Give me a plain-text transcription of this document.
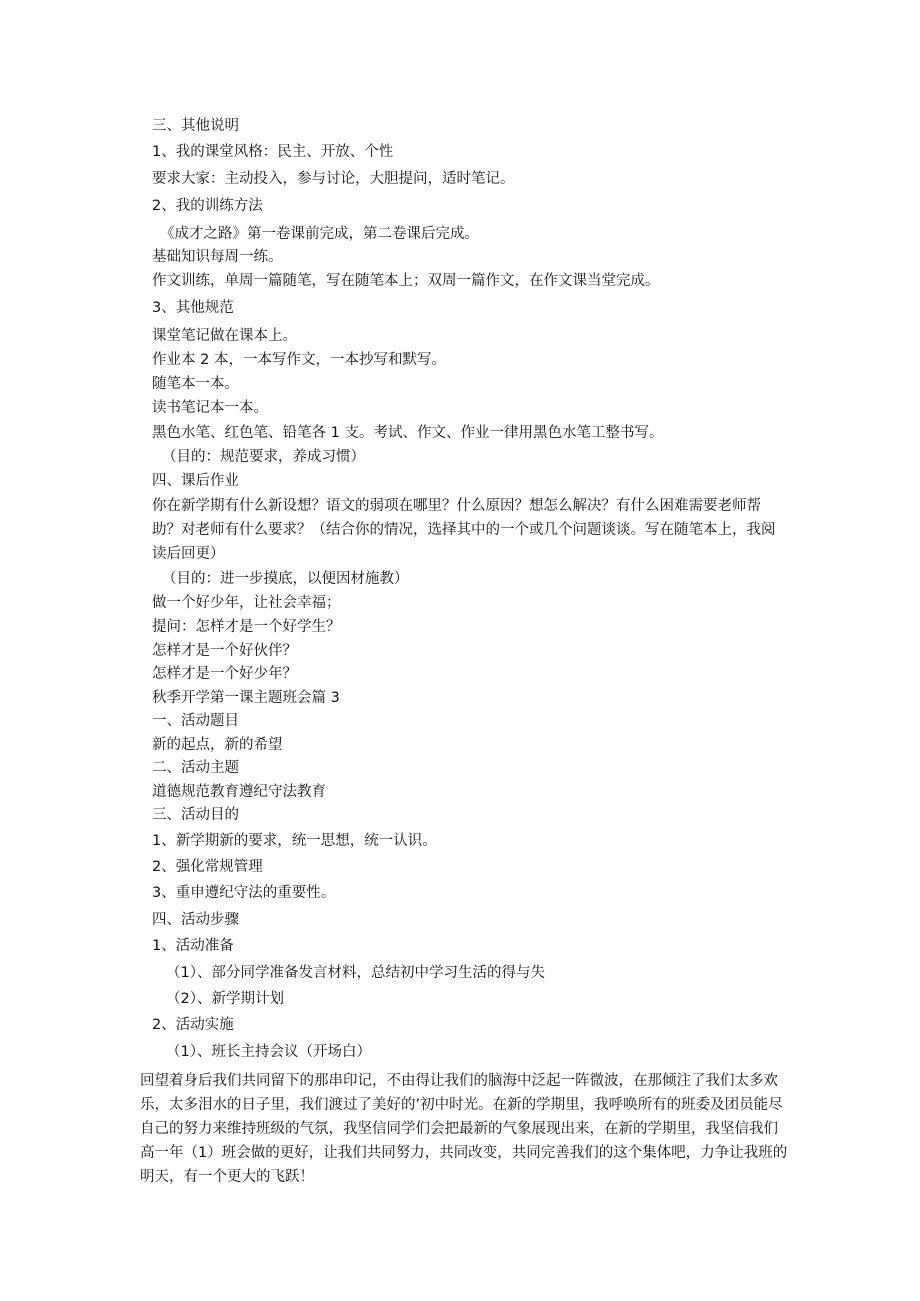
三、其他说明
1、我的课堂风格：民主、开放、个性
要求大家：主动投入，参与讨论，大胆提问，适时笔记。
2、我的训练方法
《成才之路》第一卷课前完成，第二卷课后完成。
基础知识每周一练。
作文训练，单周一篇随笔，写在随笔本上；双周一篇作文，在作文课当堂完成。
3、其他规范
课堂笔记做在课本上。
作业本 2 本，一本写作文，一本抄写和默写。
随笔本一本。
读书笔记本一本。
黑色水笔、红色笔、铅笔各 1 支。考试、作文、作业一律用黑色水笔工整书写。
（目的：规范要求，养成习惯）
四、课后作业
你在新学期有什么新设想？语文的弱项在哪里？什么原因？想怎么解决？有什么困难需要老师帮助？对老师有什么要求？（结合你的情况，选择其中的一个或几个问题谈谈。写在随笔本上，我阅读后回更）
（目的：进一步摸底，以便因材施教）
做一个好少年，让社会幸福；
提问：怎样才是一个好学生？
怎样才是一个好伙伴？
怎样才是一个好少年？
秋季开学第一课主题班会篇 3
一、活动题目
新的起点，新的希望
二、活动主题
道德规范教育遵纪守法教育
三、活动目的
1、新学期新的要求，统一思想，统一认识。
2、强化常规管理
3、重申遵纪守法的重要性。
四、活动步骤
1、活动准备
（1）、部分同学准备发言材料，总结初中学习生活的得与失
（2）、新学期计划
2、活动实施
（1）、班长主持会议（开场白）
回望着身后我们共同留下的那串印记，不由得让我们的脑海中泛起一阵微波，在那倾注了我们太多欢乐，太多泪水的日子里，我们渡过了美好的’初中时光。在新的学期里，我呼唤所有的班委及团员能尽自己的努力来维持班级的气氛，我坚信同学们会把最新的气象展现出来，在新的学期里，我坚信我们高一年（1）班会做的更好，让我们共同努力，共同改变，共同完善我们的这个集体吧，力争让我班的明天，有一个更大的飞跃！
